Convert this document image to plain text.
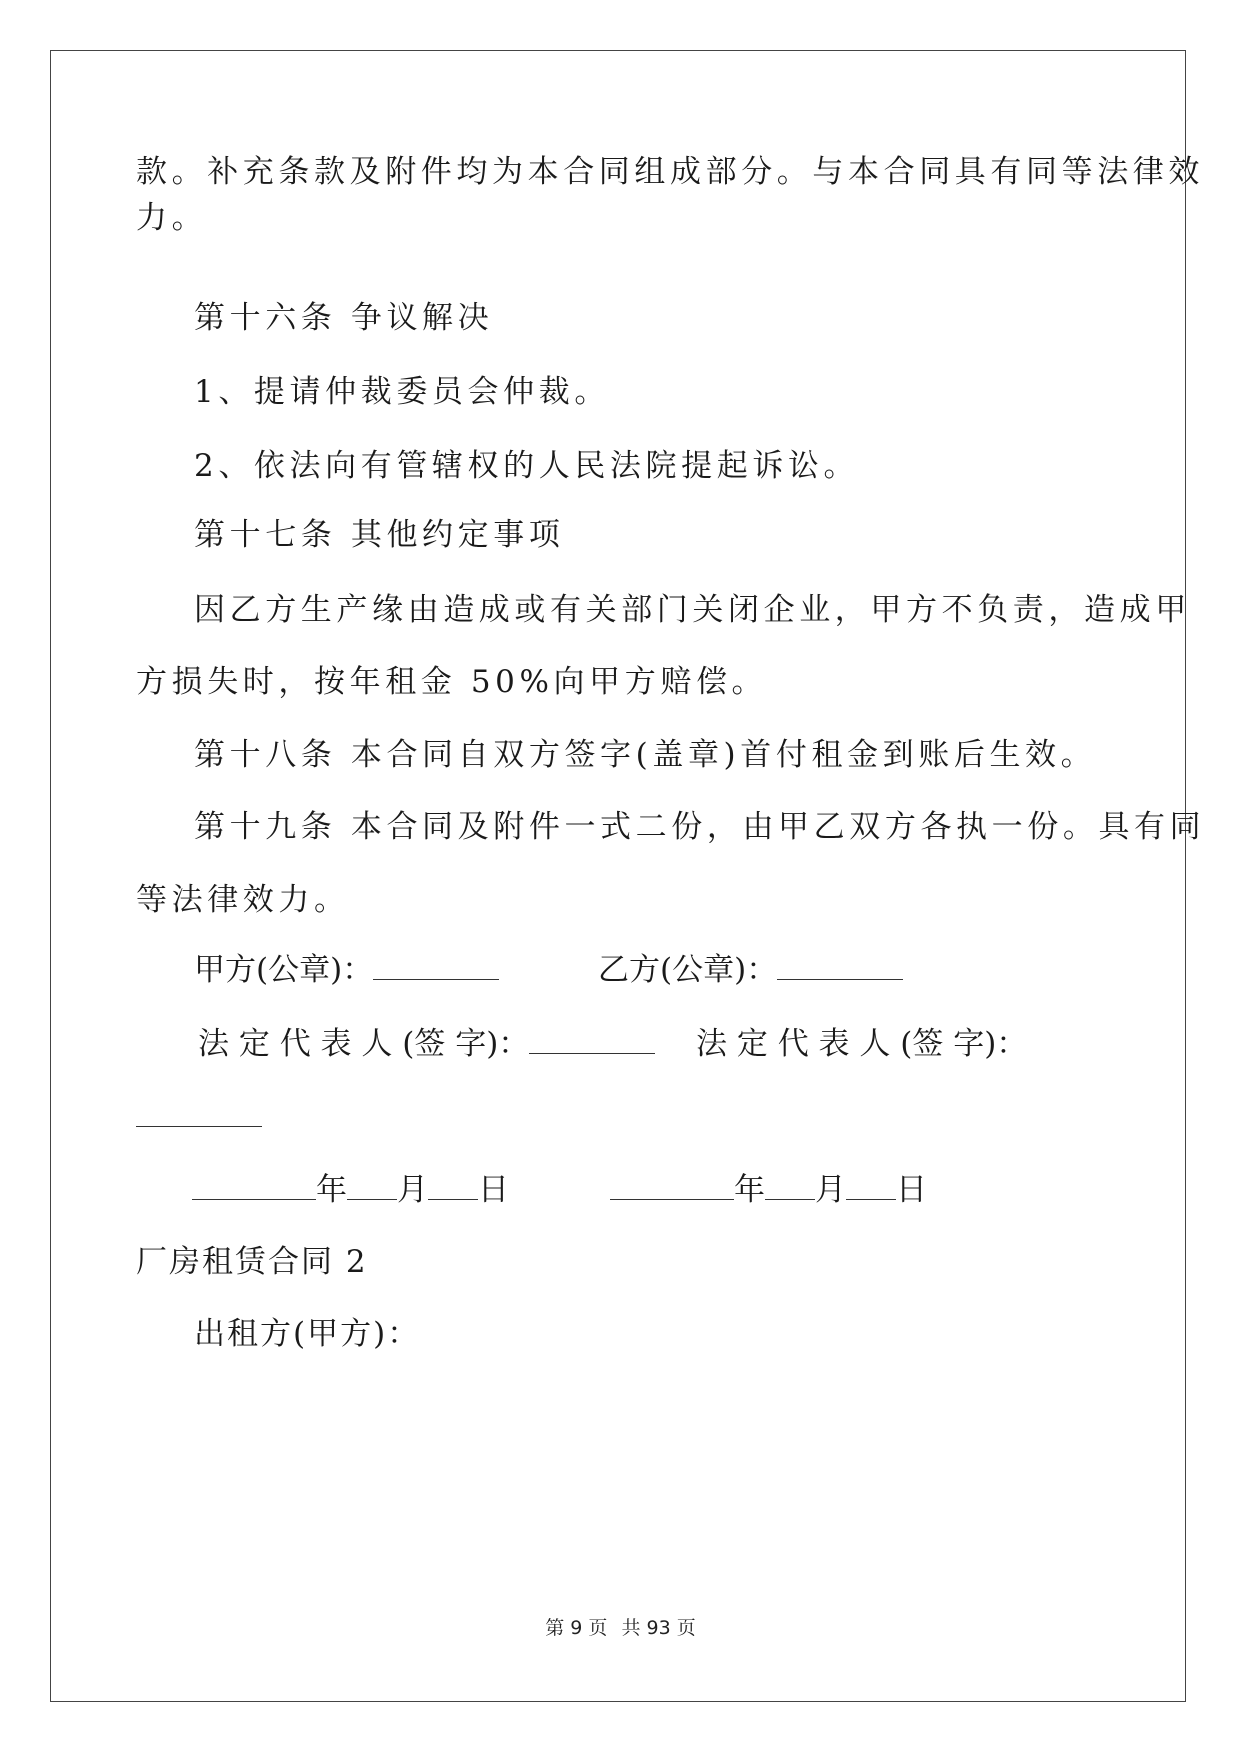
款。补充条款及附件均为本合同组成部分。与本合同具有同等法律效
力。
第十六条 争议解决
1、提请仲裁委员会仲裁。
2、依法向有管辖权的人民法院提起诉讼。
第十七条 其他约定事项
因乙方生产缘由造成或有关部门关闭企业，甲方不负责，造成甲
方损失时，按年租金 50%向甲方赔偿。
第十八条 本合同自双方签字(盖章)首付租金到账后生效。
第十九条 本合同及附件一式二份，由甲乙双方各执一份。具有同
等法律效力。
甲方(公章)：	乙方(公章)：
法 定 代 表 人 (签 字)：	法 定 代 表 人 (签 字)：
年 月 日	年 月 日
厂房租赁合同 2
出租方(甲方)：
第 9 页 共 93 页
